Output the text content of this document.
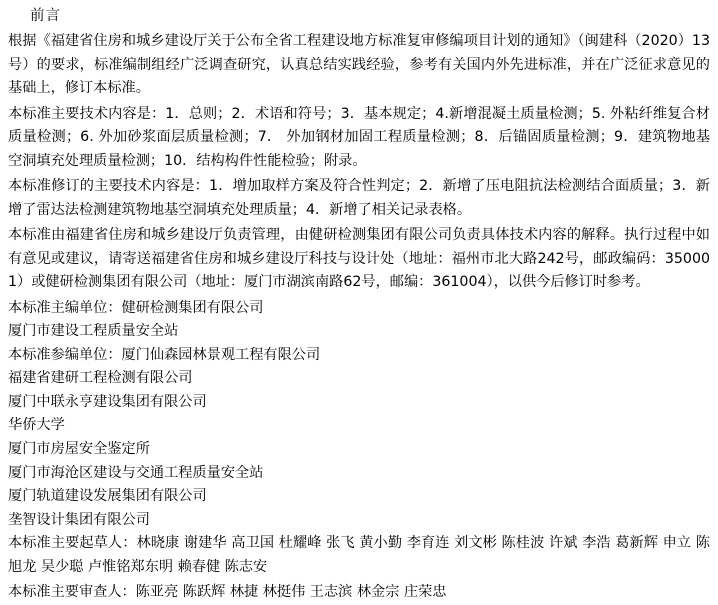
前言

根据《福建省住房和城乡建设厅关于公布全省工程建设地方标准复审修编项目计划的通知》（闽建科（2020）13号）的要求，标准编制组经广泛调查研究，认真总结实践经验，参考有关国内外先进标准，并在广泛征求意见的基础上，修订本标准。

本标准主要技术内容是：1．总则；2．术语和符号；3．基本规定；4.新增混凝土质量检测；5. 外粘纤维复合材质量检测；6. 外加砂浆面层质量检测；7． 外加钢材加固工程质量检测；8．后锚固质量检测；9．建筑物地基空洞填充处理质量检测；10．结构构件性能检验；附录。

本标准修订的主要技术内容是：1．增加取样方案及符合性判定；2．新增了压电阻抗法检测结合面质量；3．新增了雷达法检测建筑物地基空洞填充处理质量；4．新增了相关记录表格。

本标准由福建省住房和城乡建设厅负责管理，由健研检测集团有限公司负责具体技术内容的解释。执行过程中如有意见或建议，请寄送福建省住房和城乡建设厅科技与设计处（地址：福州市北大路242号，邮政编码：350001）或健研检测集团有限公司（地址：厦门市湖滨南路62号，邮编：361004），以供今后修订时参考。

本标准主编单位：健研检测集团有限公司
厦门市建设工程质量安全站
本标准参编单位：厦门仙森园林景观工程有限公司
福建省建研工程检测有限公司
厦门中联永亨建设集团有限公司
华侨大学
厦门市房屋安全鉴定所
厦门市海沧区建设与交通工程质量安全站
厦门轨道建设发展集团有限公司
垄智设计集团有限公司

本标准主要起草人：林晓康 谢建华 高卫国 杜耀峰 张飞 黄小勤 李育连 刘文彬 陈桂波 许斌 李浩 葛新辉 申立 陈旭龙 吴少聪 卢惟铭郑东明 赖春健 陈志安

本标准主要审查人：陈亚亮 陈跃辉 林捷 林挺伟 王志滨 林金宗 庄荣忠
